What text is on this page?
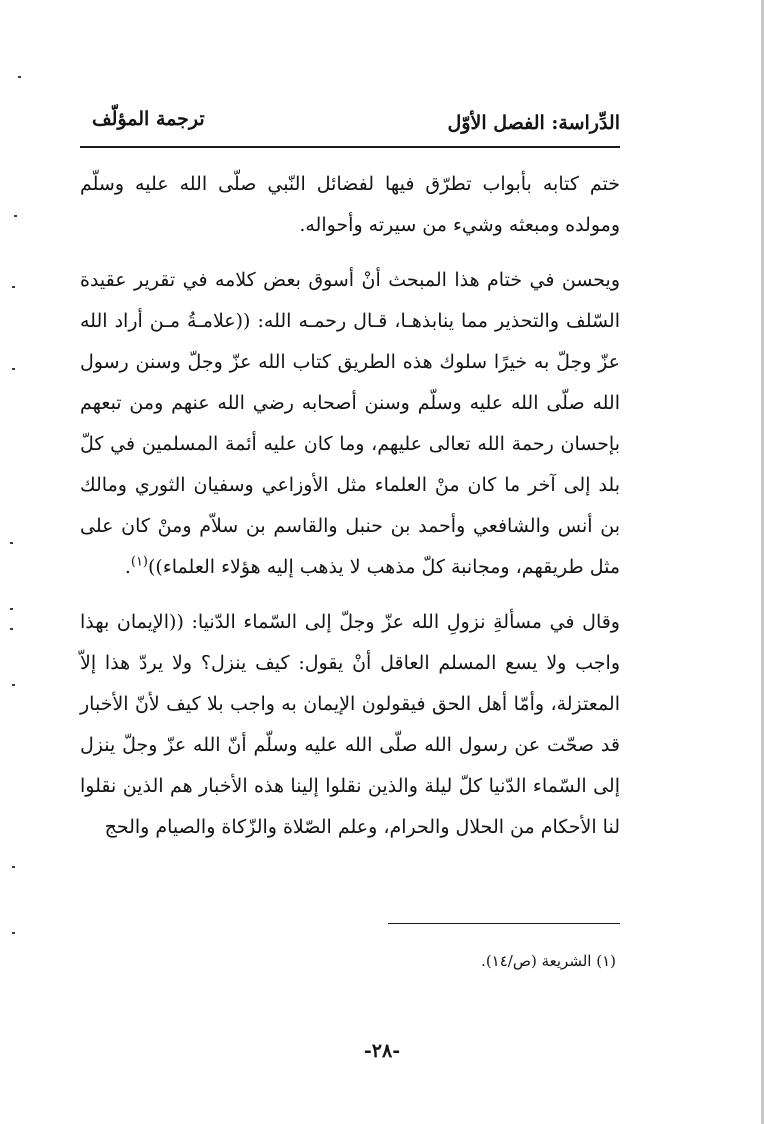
الدِّراسة: الفصل الأوّل
ترجمة المؤلّف

ختم كتابه بأبواب تطرّق فيها لفضائل النّبي صلّى الله عليه وسلّم ومولده ومبعثه وشيء من سيرته وأحواله.

ويحسن في ختام هذا المبحث أنْ أسوق بعض كلامه في تقرير عقيدة السّلف والتحذير مما ينابذهـا، قـال رحمـه الله: ((علامـةُ مـن أراد الله عزّ وجلّ به خيرًا سلوك هذه الطريق كتاب الله عزّ وجلّ وسنن رسول الله صلّى الله عليه وسلّم وسنن أصحابه رضي الله عنهم ومن تبعهم بإحسان رحمة الله تعالى عليهم، وما كان عليه أئمة المسلمين في كلّ بلد إلى آخر ما كان منْ العلماء مثل الأوزاعي وسفيان الثوري ومالك بن أنس والشافعي وأحمد بن حنبل والقاسم بن سلاّم ومنْ كان على مثل طريقهم، ومجانبة كلّ مذهب لا يذهب إليه هؤلاء العلماء))$^{(١)}$.

وقال في مسألةِ نزولِ الله عزّ وجلّ إلى السّماء الدّنيا: ((الإيمان بهذا واجب ولا يسع المسلم العاقل أنْ يقول: كيف ينزل؟ ولا يردّ هذا إلاّ المعتزلة، وأمّا أهل الحق فيقولون الإيمان به واجب بلا كيف لأنّ الأخبار قد صحّت عن رسول الله صلّى الله عليه وسلّم أنّ الله عزّ وجلّ ينزل إلى السّماء الدّنيا كلّ ليلة والذين نقلوا إلينا هذه الأخبار هم الذين نقلوا لنا الأحكام من الحلال والحرام، وعلم الصّلاة والزّكاة والصيام والحج

(١) الشريعة (ص/١٤).
-٢٨-
